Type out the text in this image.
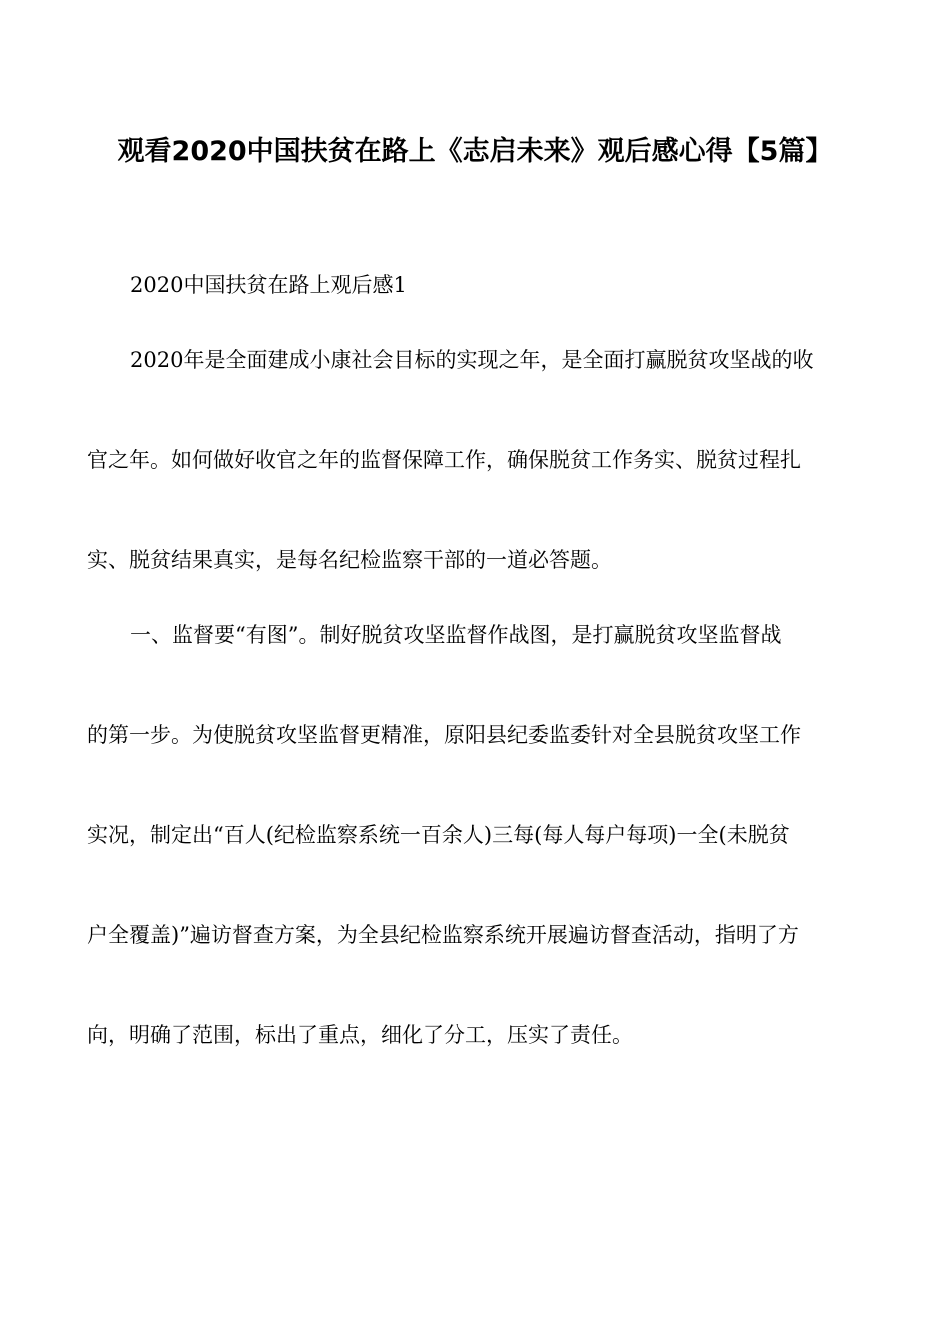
观看2020中国扶贫在路上《志启未来》观后感心得【5篇】

2020中国扶贫在路上观后感1

2020年是全面建成小康社会目标的实现之年，是全面打赢脱贫攻坚战的收

官之年。如何做好收官之年的监督保障工作，确保脱贫工作务实、脱贫过程扎

实、脱贫结果真实，是每名纪检监察干部的一道必答题。

一、监督要“有图”。制好脱贫攻坚监督作战图，是打赢脱贫攻坚监督战

的第一步。为使脱贫攻坚监督更精准，原阳县纪委监委针对全县脱贫攻坚工作

实况，制定出“百人(纪检监察系统一百余人)三每(每人每户每项)一全(未脱贫

户全覆盖)”遍访督查方案，为全县纪检监察系统开展遍访督查活动，指明了方

向，明确了范围，标出了重点，细化了分工，压实了责任。
